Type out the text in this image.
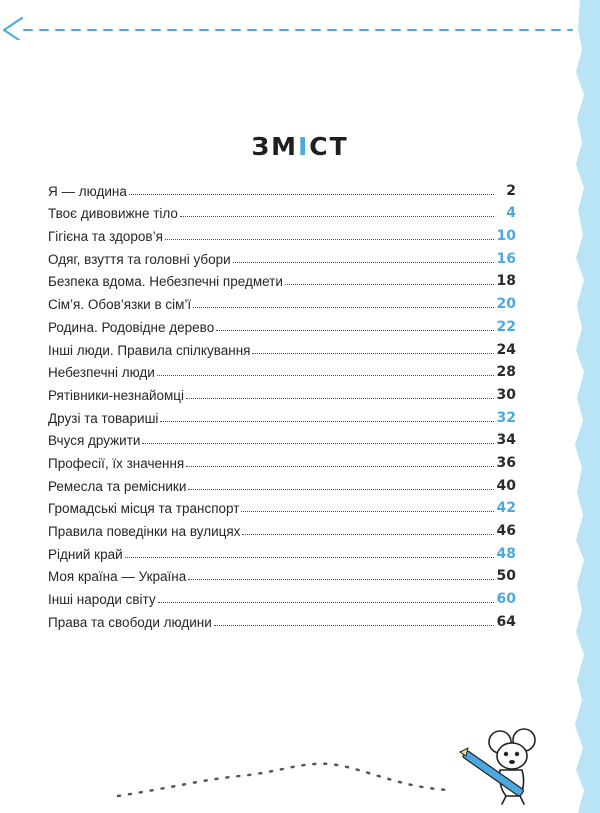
ЗМІСТ
Я — людина	2
Твоє дивовижне тіло	4
Гігієна та здоров’я	10
Одяг, взуття та головні убори	16
Безпека вдома. Небезпечні предмети	18
Сім’я. Обов’язки в сім’ї	20
Родина. Родовідне дерево	22
Інші люди. Правила спілкування	24
Небезпечні люди	28
Рятівники-незнайомці	30
Друзі та товариші	32
Вчуся дружити	34
Професії, їх значення	36
Ремесла та ремісники	40
Громадські місця та транспорт	42
Правила поведінки на вулицях	46
Рідний край	48
Моя країна — Україна	50
Інші народи світу	60
Права та свободи людини	64
